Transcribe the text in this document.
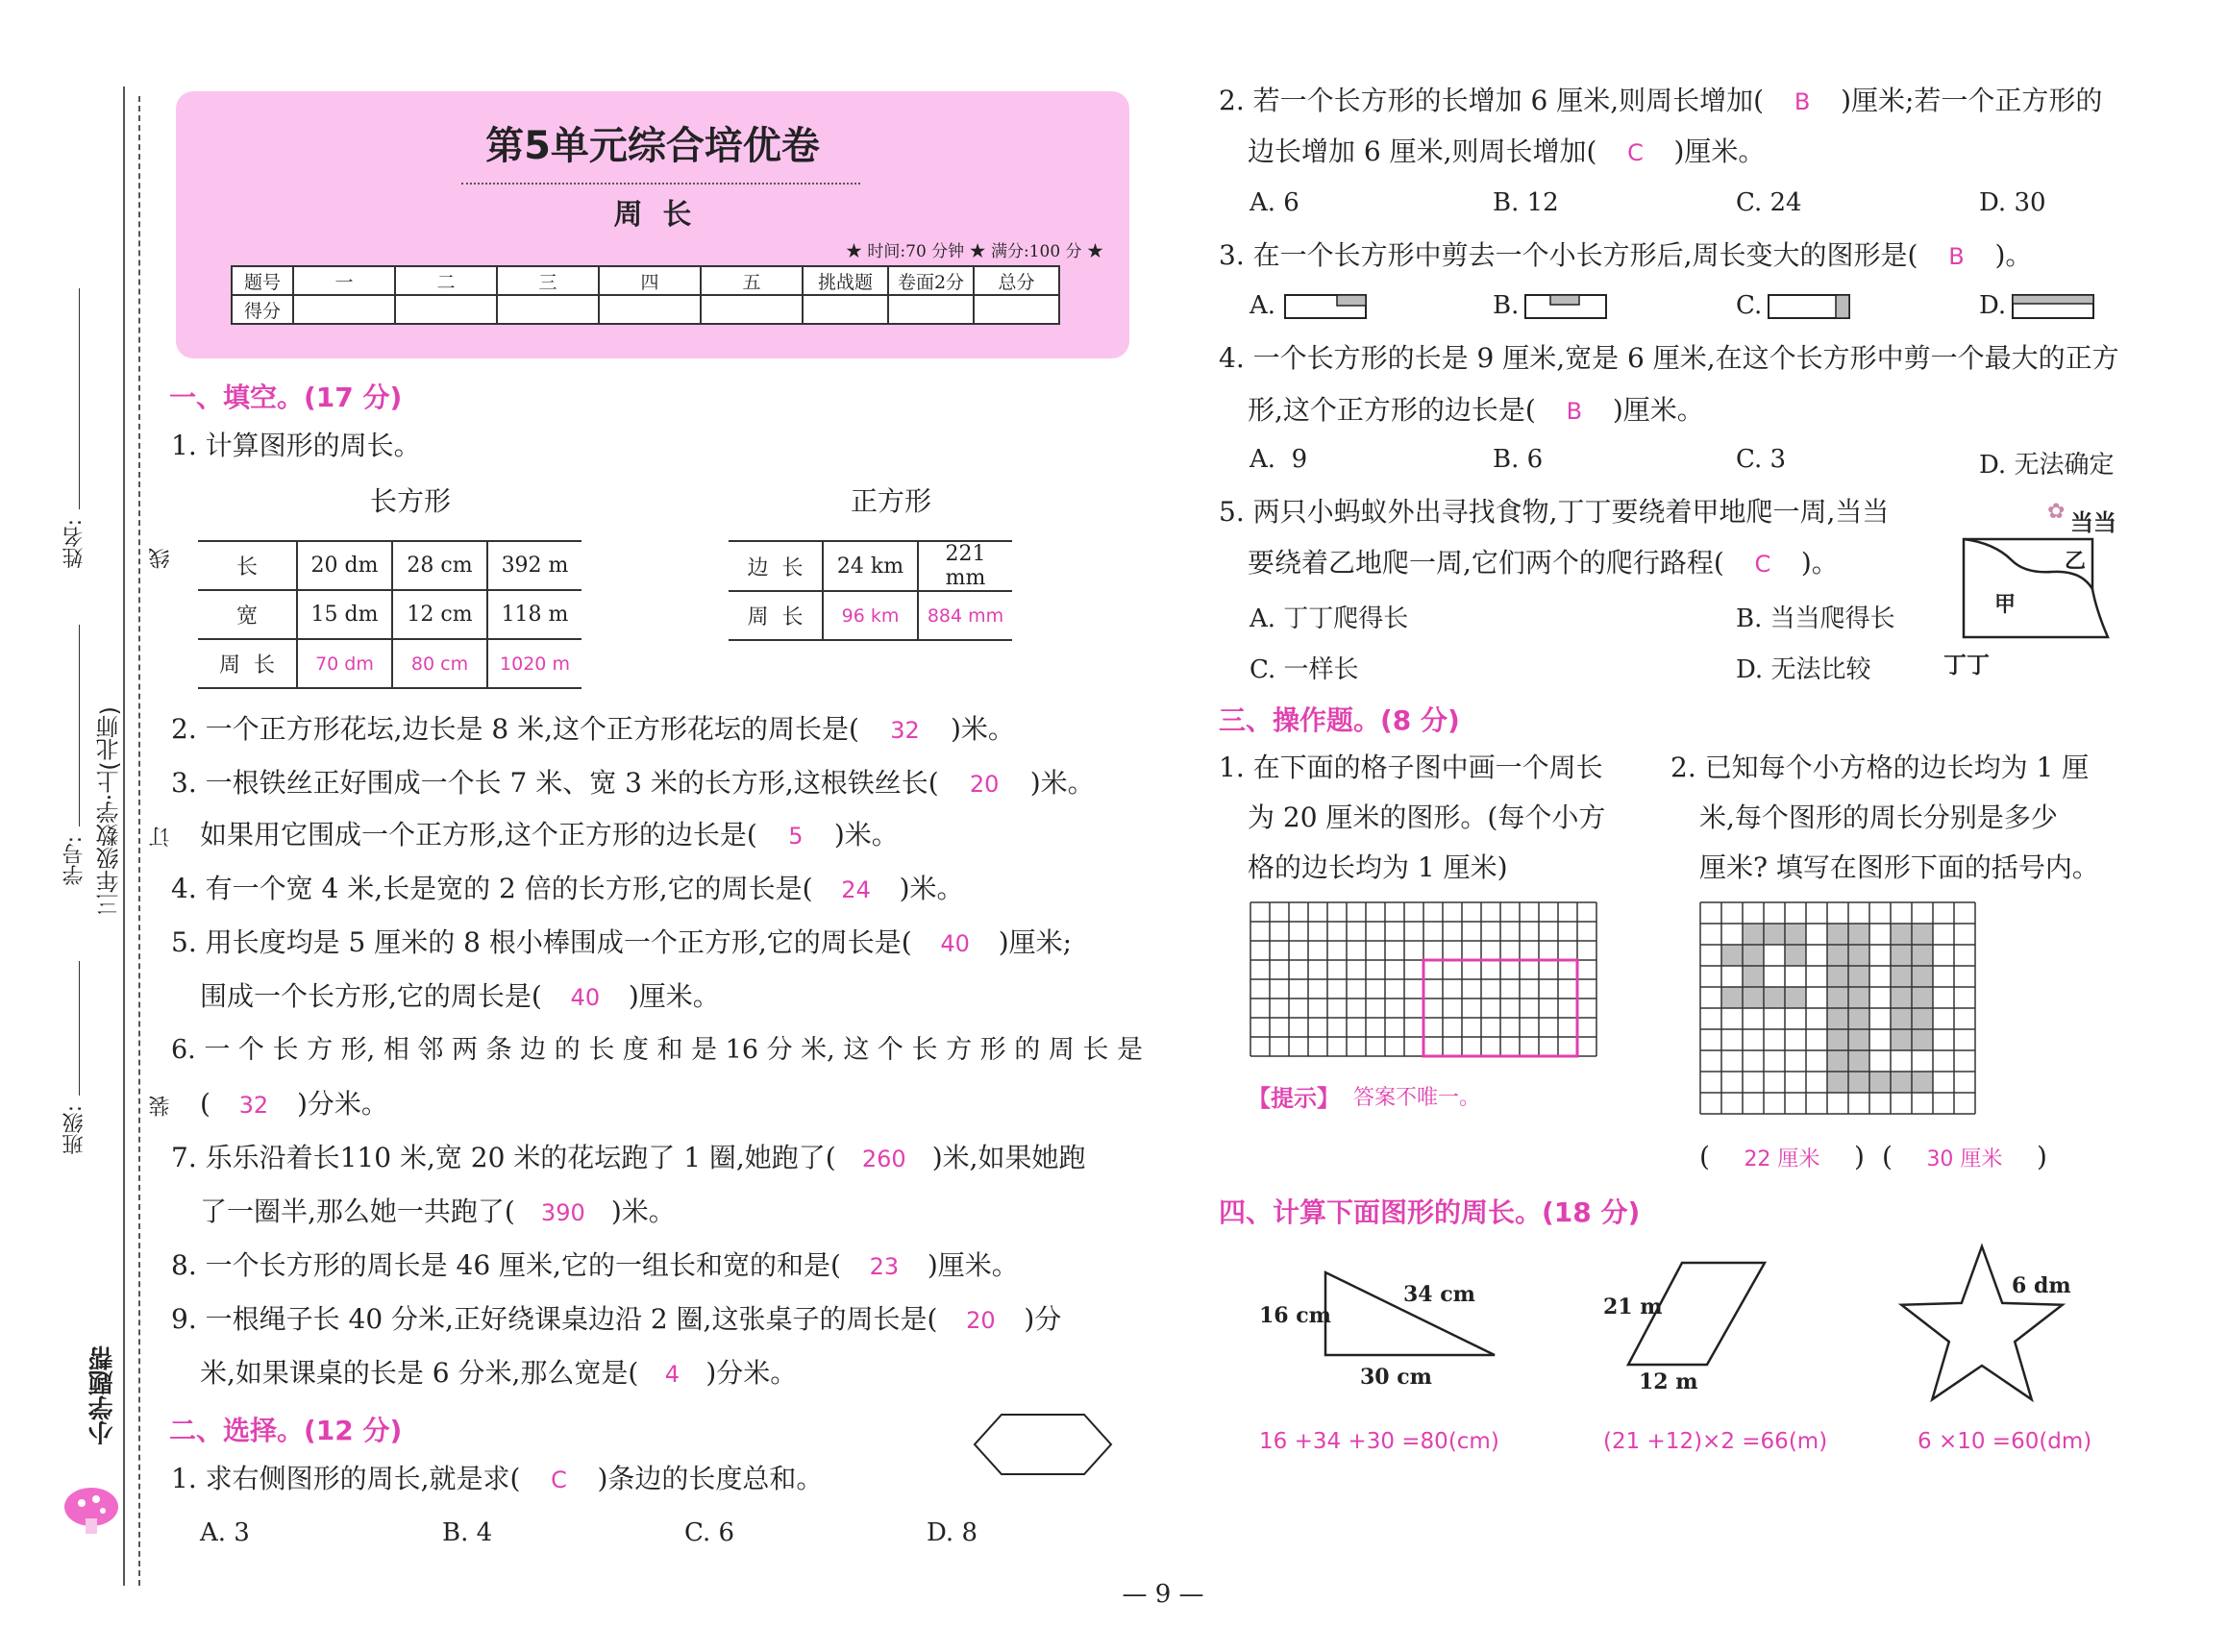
线
订
装
姓名:
学号: 三年级数学·上(北师)
班级:
小学题帮
第5单元综合培优卷
周  长
★ 时间:70 分钟 ★ 满分:100 分 ★
题号	一	二	三	四	五	挑战题	卷面2分	总分
得分								
一、填空。(17 分)
1. 计算图形的周长。
长方形	正方形
长	20 dm	28 cm	392 m
宽	15 dm	12 cm	118 m
周  长	70 dm	80 cm	1020 m
边  长	24 km	221 mm
周  长	96 km	884 mm
2. 一个正方形花坛,边长是 8 米,这个正方形花坛的周长是( 32 )米。
3. 一根铁丝正好围成一个长 7 米、宽 3 米的长方形,这根铁丝长( 20 )米。
如果用它围成一个正方形,这个正方形的边长是( 5 )米。
4. 有一个宽 4 米,长是宽的 2 倍的长方形,它的周长是( 24 )米。
5. 用长度均是 5 厘米的 8 根小棒围成一个正方形,它的周长是( 40 )厘米;
围成一个长方形,它的周长是( 40 )厘米。
6. 一 个 长 方 形, 相 邻 两 条 边 的 长 度 和 是 16 分 米, 这 个 长 方 形 的 周 长 是
( 32 )分米。
7. 乐乐沿着长110 米,宽 20 米的花坛跑了 1 圈,她跑了( 260 )米,如果她跑
了一圈半,那么她一共跑了( 390 )米。
8. 一个长方形的周长是 46 厘米,它的一组长和宽的和是( 23 )厘米。
9. 一根绳子长 40 分米,正好绕课桌边沿 2 圈,这张桌子的周长是( 20 )分
米,如果课桌的长是 6 分米,那么宽是( 4 )分米。
二、选择。(12 分)
1. 求右侧图形的周长,就是求( C )条边的长度总和。
A. 3	B. 4	C. 6	D. 8
2. 若一个长方形的长增加 6 厘米,则周长增加( B )厘米;若一个正方形的
边长增加 6 厘米,则周长增加( C )厘米。
A. 6	B. 12	C. 24	D. 30
3. 在一个长方形中剪去一个小长方形后,周长变大的图形是( B )。
A.	B.	C.	D.
4. 一个长方形的长是 9 厘米,宽是 6 厘米,在这个长方形中剪一个最大的正方
形,这个正方形的边长是( B )厘米。
A.  9	B. 6	C. 3	D. 无法确定
5. 两只小蚂蚁外出寻找食物,丁丁要绕着甲地爬一周,当当
要绕着乙地爬一周,它们两个的爬行路程( C )。
A. 丁丁爬得长	B. 当当爬得长
C. 一样长	D. 无法比较
当当
✿
乙
甲
丁丁
三、操作题。(8 分)
1. 在下面的格子图中画一个周长
为 20 厘米的图形。(每个小方
格的边长均为 1 厘米)
2. 已知每个小方格的边长均为 1 厘
米,每个图形的周长分别是多少
厘米? 填写在图形下面的括号内。
【提示】 答案不唯一。
( 22 厘米 ) ( 30 厘米 )
四、计算下面图形的周长。(18 分)
16 cm
34 cm
30 cm
16 +34 +30 =80(cm)
21 m
12 m
(21 +12)×2 =66(m)
6 dm
6 ×10 =60(dm)
— 9 —
